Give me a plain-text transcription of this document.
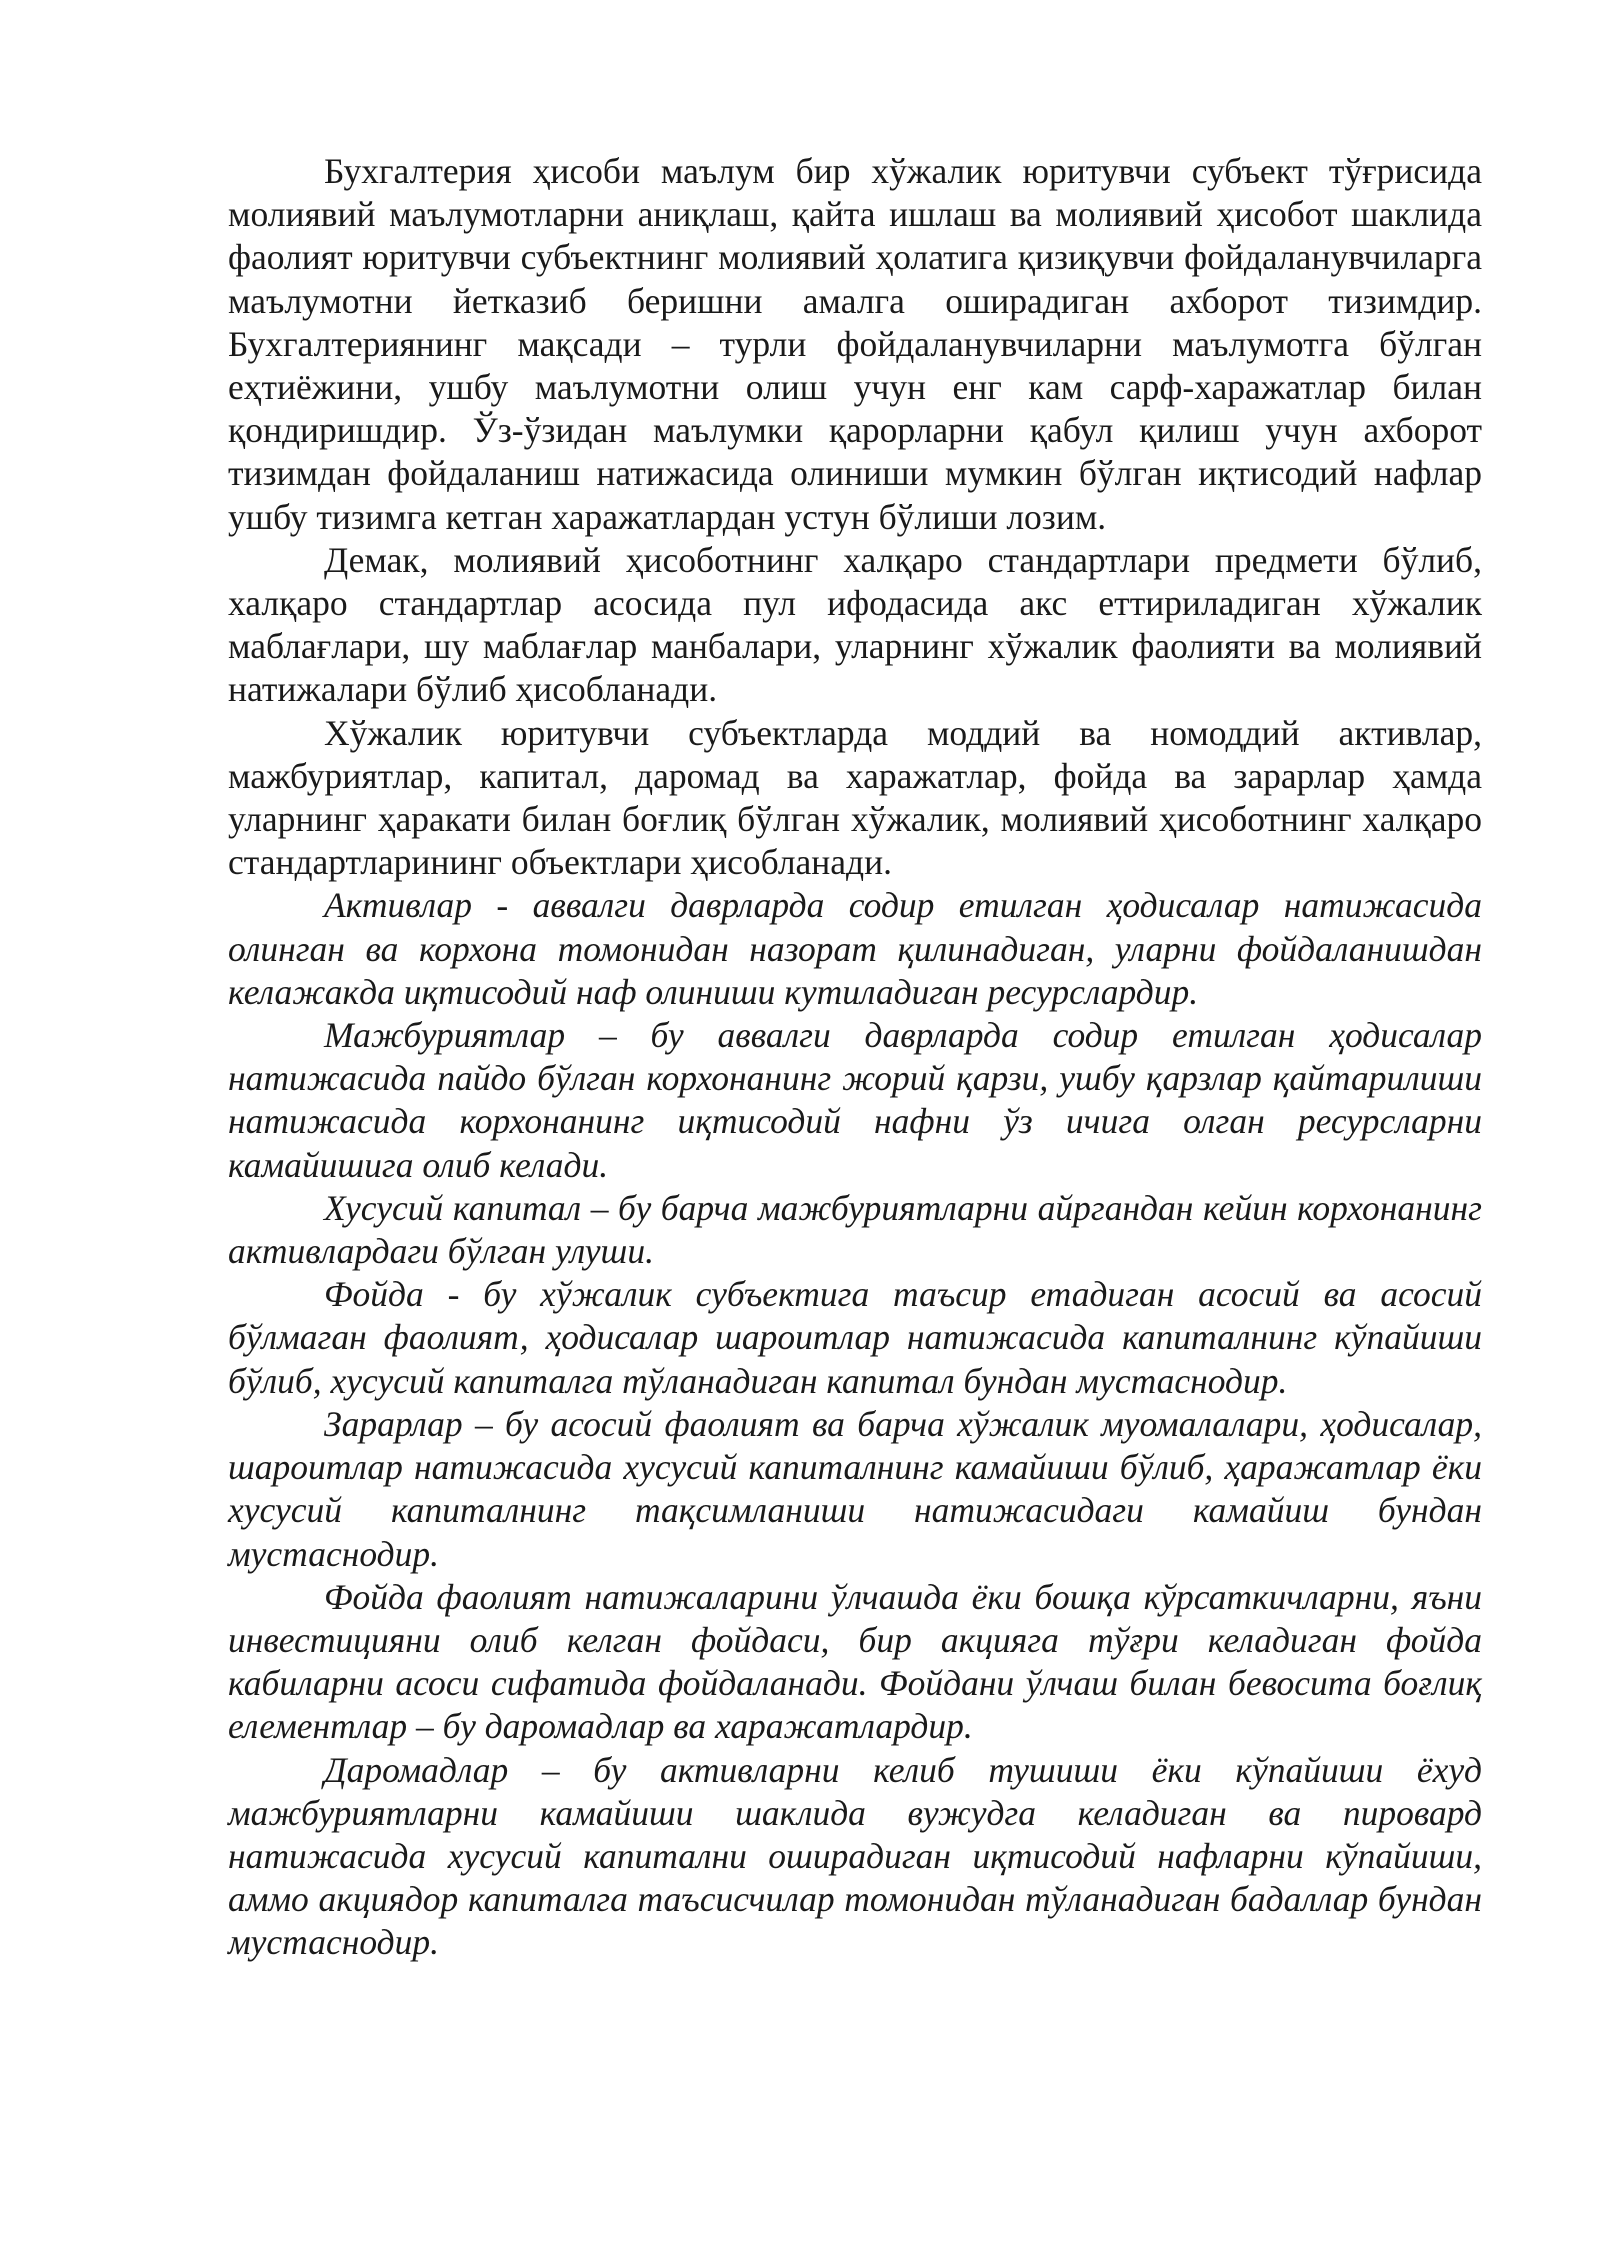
Бухгалтерия ҳисоби маълум бир хўжалик юритувчи субъект тўғрисида молиявий маълумотларни аниқлаш, қайта ишлаш ва молиявий ҳисобот шаклида фаолият юритувчи субъектнинг молиявий ҳолатига қизиқувчи фойдаланувчиларга маълумотни йетказиб беришни амалга оширадиган ахборот тизимдир. Бухгалтериянинг мақсади – турли фойдаланувчиларни маълумотга бўлган еҳтиёжини, ушбу маълумотни олиш учун енг кам сарф-харажатлар билан қондиришдир. Ўз-ўзидан маълумки қарорларни қабул қилиш учун ахборот тизимдан фойдаланиш натижасида олиниши мумкин бўлган иқтисодий нафлар ушбу тизимга кетган харажатлардан устун бўлиши лозим.

Демак, молиявий ҳисоботнинг халқаро стандартлари предмети бўлиб, халқаро стандартлар асосида пул ифодасида акс еттириладиган хўжалик маблағлари, шу маблағлар манбалари, уларнинг хўжалик фаолияти ва молиявий натижалари бўлиб ҳисобланади.

Хўжалик юритувчи субъектларда моддий ва номоддий активлар, мажбуриятлар, капитал, даромад ва харажатлар, фойда ва зарарлар ҳамда уларнинг ҳаракати билан боғлиқ бўлган хўжалик, молиявий ҳисоботнинг халқаро стандартларининг объектлари ҳисобланади.

Активлар - аввалги даврларда содир етилган ҳодисалар натижасида олинган ва корхона томонидан назорат қилинадиган, уларни фойдаланишдан келажакда иқтисодий наф олиниши кутиладиган ресурслардир.

Мажбуриятлар – бу аввалги даврларда содир етилган ҳодисалар натижасида пайдо бўлган корхонанинг жорий қарзи, ушбу қарзлар қайтарилиши натижасида корхонанинг иқтисодий нафни ўз ичига олган ресурсларни камайишига олиб келади.

Хусусий капитал – бу барча мажбуриятларни айргандан кейин корхонанинг активлардаги бўлган улуши.

Фойда - бу хўжалик субъектига таъсир етадиган асосий ва асосий бўлмаган фаолият, ҳодисалар шароитлар натижасида капиталнинг кўпайиши бўлиб, хусусий капиталга тўланадиган капитал бундан мустаснодир.

Зарарлар – бу асосий фаолият ва барча хўжалик муомалалари, ҳодисалар, шароитлар натижасида хусусий капиталнинг камайиши бўлиб, ҳаражатлар ёки хусусий капиталнинг тақсимланиши натижасидаги камайиш бундан мустаснодир.

Фойда фаолият натижаларини ўлчашда ёки бошқа кўрсаткичларни, яъни инвестицияни олиб келган фойдаси, бир акцияга тўғри келадиган фойда кабиларни асоси сифатида фойдаланади. Фойдани ўлчаш билан бевосита боғлиқ елементлар – бу даромадлар ва харажатлардир.

Даромадлар – бу активларни келиб тушиши ёки кўпайиши ёхуд мажбуриятларни камайиши шаклида вужудга келадиган ва пировард натижасида хусусий капитални оширадиган иқтисодий нафларни кўпайиши, аммо акциядор капиталга таъсисчилар томонидан тўланадиган бадаллар бундан мустаснодир.
